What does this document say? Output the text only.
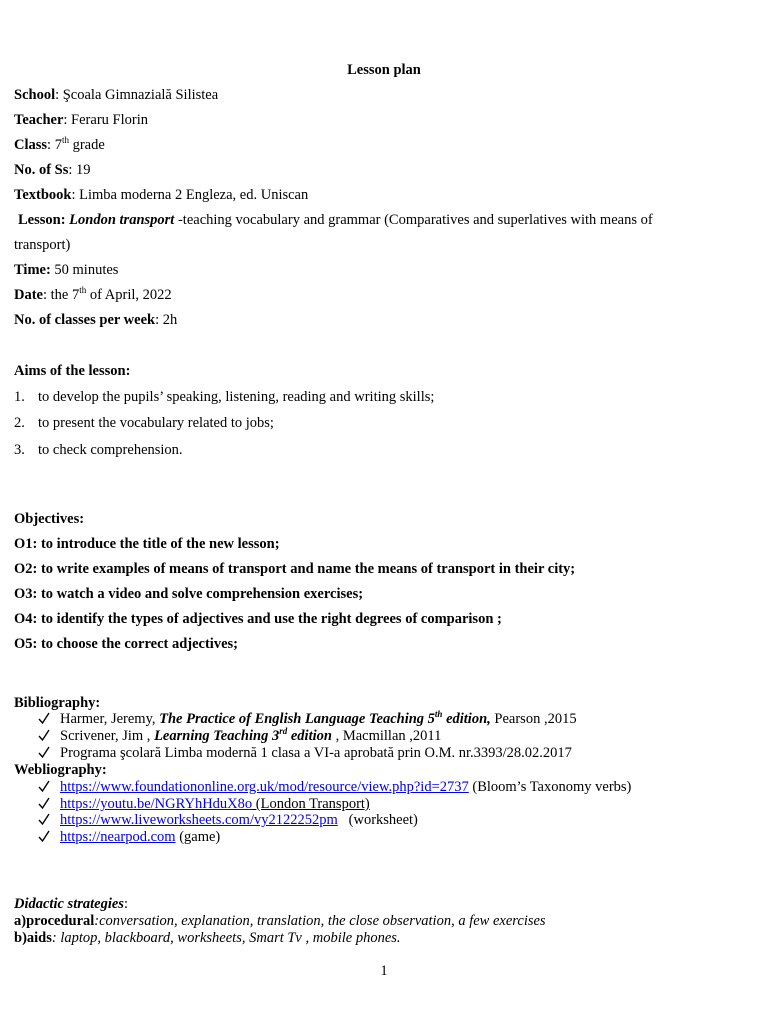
Lesson plan
School: Şcoala Gimnazială Silistea
Teacher: Feraru Florin
Class: 7th grade
No. of Ss: 19
Textbook: Limba moderna 2 Engleza, ed. Uniscan
Lesson: London transport -teaching vocabulary and grammar (Comparatives and superlatives with means of
transport)
Time: 50 minutes
Date: the 7th of April, 2022
No. of classes per week: 2h
Aims of the lesson:
1. to develop the pupils’ speaking, listening, reading and writing skills;
2. to present the vocabulary related to jobs;
3. to check comprehension.
Objectives:
O1: to introduce the title of the new lesson;
O2: to write examples of means of transport and name the means of transport in their city;
O3: to watch a video and solve comprehension exercises;
O4: to identify the types of adjectives and use the right degrees of comparison ;
O5: to choose the correct adjectives;
Bibliography:
Harmer, Jeremy, The Practice of English Language Teaching 5th edition, Pearson ,2015
Scrivener, Jim , Learning Teaching 3rd edition , Macmillan ,2011
Programa şcolară Limba modernă 1 clasa a VI-a aprobată prin O.M. nr.3393/28.02.2017
Webliography:
https://www.foundationonline.org.uk/mod/resource/view.php?id=2737 (Bloom’s Taxonomy verbs)
https://youtu.be/NGRYhHduX8o (London Transport)
https://www.liveworksheets.com/vy2122252pm   (worksheet)
https://nearpod.com (game)
Didactic strategies:
a)procedural:conversation, explanation, translation, the close observation, a few exercises
b)aids: laptop, blackboard, worksheets, Smart Tv , mobile phones.
1
